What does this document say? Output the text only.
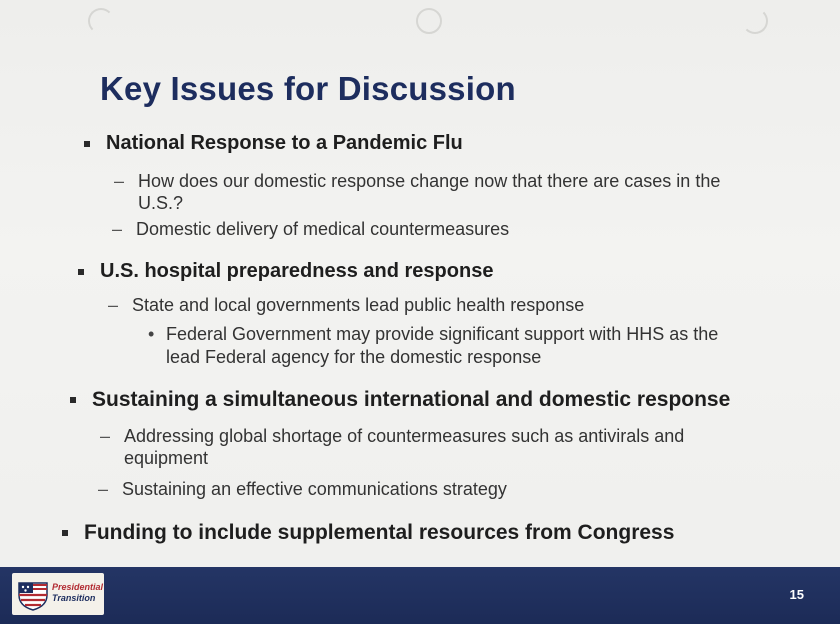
Key Issues for Discussion
National Response to a Pandemic Flu
– How does our domestic response change now that there are cases in the
U.S.?
– Domestic delivery of medical countermeasures
U.S. hospital preparedness and response
– State and local governments lead public health response
• Federal Government may provide significant support with HHS as the
lead Federal agency for the domestic response
Sustaining a simultaneous international and domestic response
– Addressing global shortage of countermeasures such as antivirals and
equipment
– Sustaining an effective communications strategy
Funding to include supplemental resources from Congress
Presidential
Transition	15
